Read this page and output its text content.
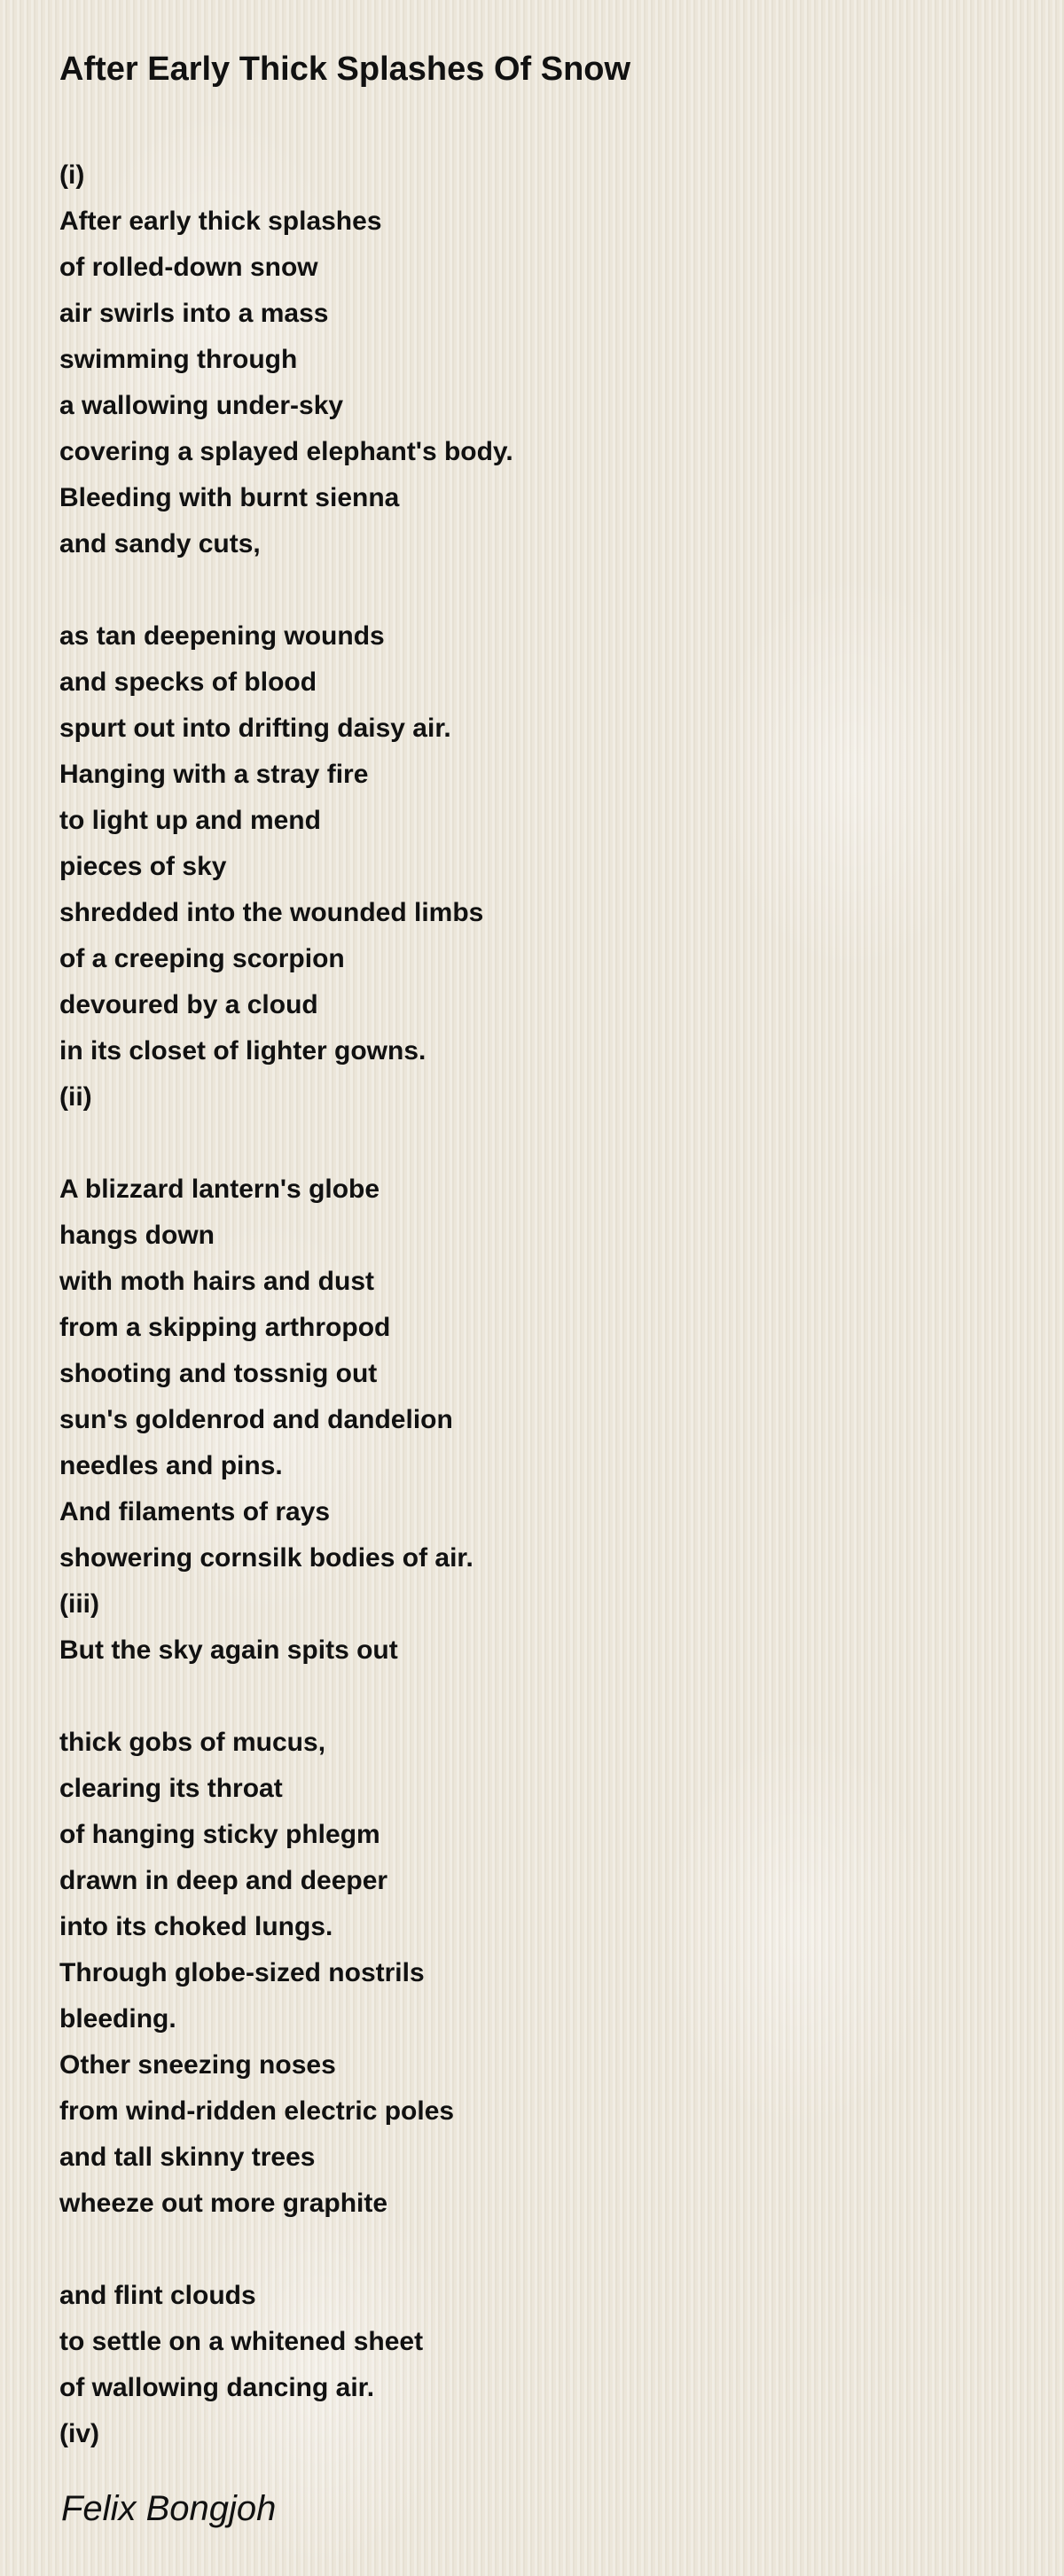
After Early Thick Splashes Of Snow
(i)
After early thick splashes
of rolled-down snow
air swirls into a mass
swimming through
a wallowing under-sky
covering a splayed elephant's body.
Bleeding with burnt sienna
and sandy cuts,
as tan deepening wounds
and specks of blood
spurt out into drifting daisy air.
Hanging with a stray fire
to light up and mend
pieces of sky
shredded into the wounded limbs
of a creeping scorpion
devoured by a cloud
in its closet of lighter gowns.
(ii)
A blizzard lantern's globe
hangs down
with moth hairs and dust
from a skipping arthropod
shooting and tossnig out
sun's goldenrod and dandelion
needles and pins.
And filaments of rays
showering cornsilk bodies of air.
(iii)
But the sky again spits out
thick gobs of mucus,
clearing its throat
of hanging sticky phlegm
drawn in deep and deeper
into its choked lungs.
Through globe-sized nostrils
bleeding.
Other sneezing noses
from wind-ridden electric poles
and tall skinny trees
wheeze out more graphite
and flint clouds
to settle on a whitened sheet
of wallowing dancing air.
(iv)

Felix Bongjoh
